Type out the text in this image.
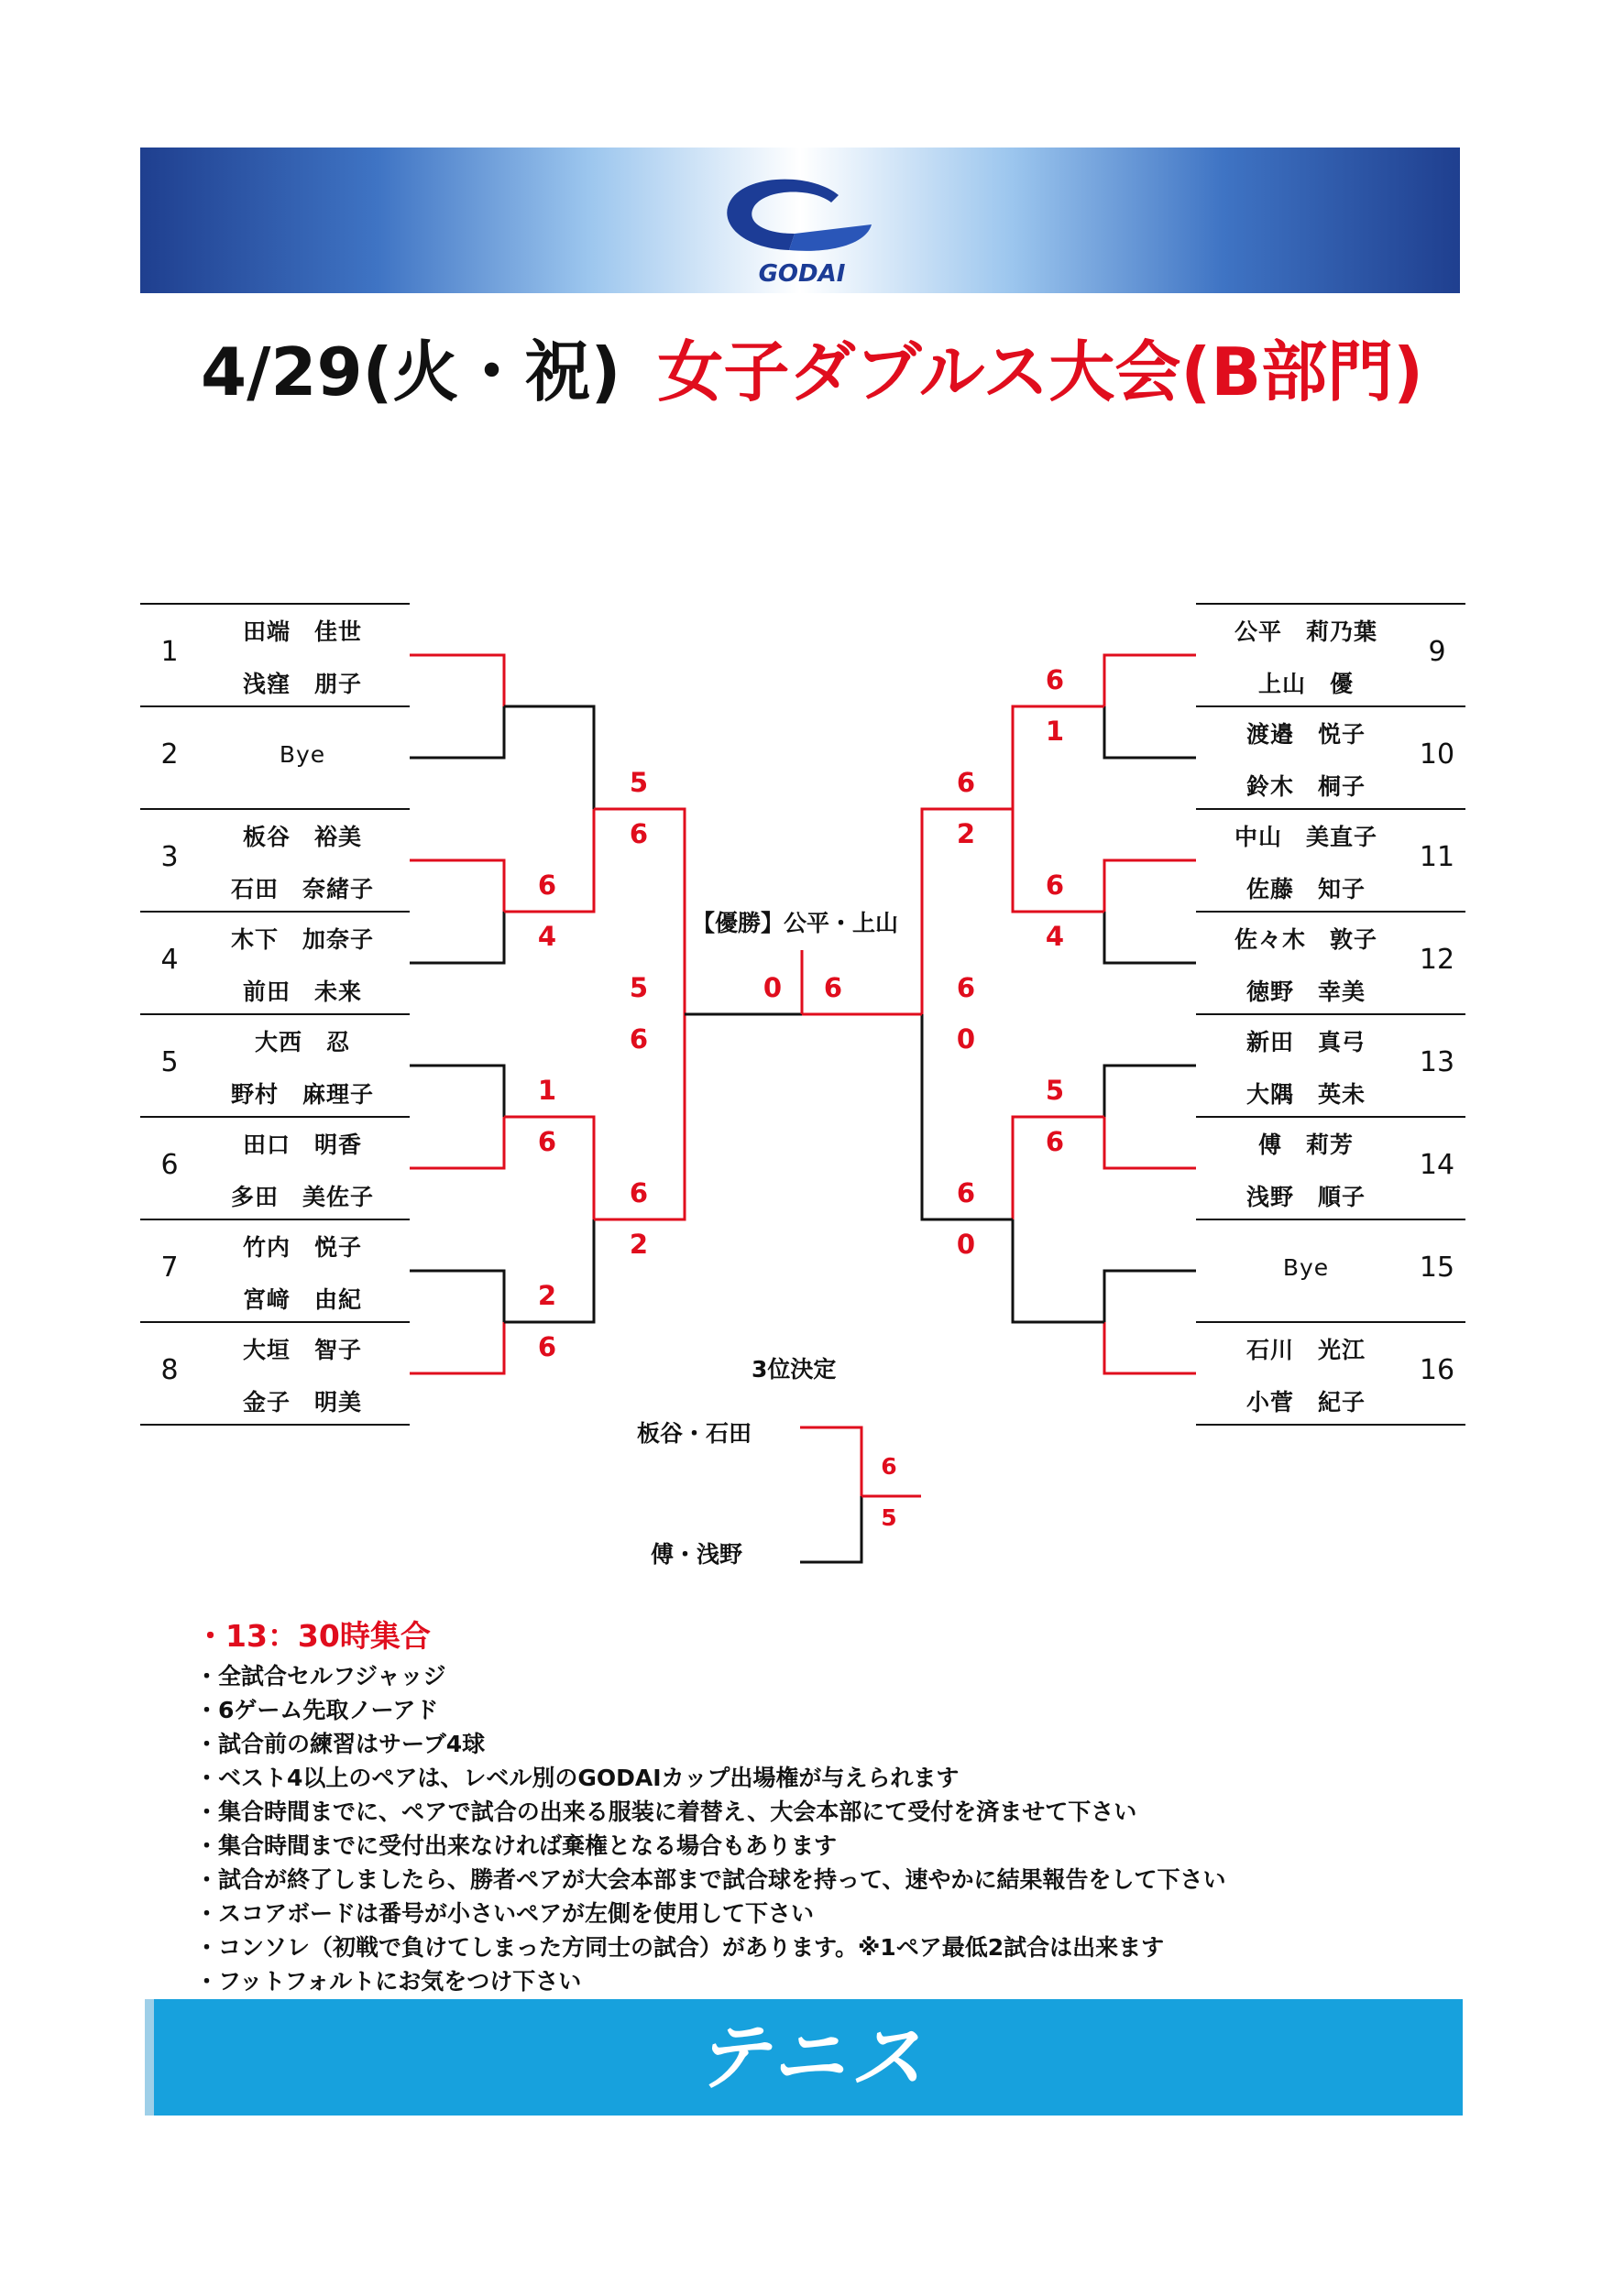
GODAI
4/29(火・祝) 女子ダブルス大会(B部門)
1
田端　佳世
浅窪　朋子
2	Bye
3
板谷　裕美
石田　奈緒子
4
木下　加奈子
前田　未来
5
大西　忍
野村　麻理子
6
田口　明香
多田　美佐子
7
竹内　悦子
宮﨑　由紀
8
大垣　智子
金子　明美
9
公平　莉乃葉
上山　優
10
渡邉　悦子
鈴木　桐子
11
中山　美直子
佐藤　知子
12
佐々木　敦子
徳野　幸美
13
新田　真弓
大隅　英未
14
傅　莉芳
浅野　順子
15
Bye
16
石川　光江
小菅　紀子
6
4
1
6
2
6
5
6
5
6
6
2
6
1
6
4
5
6
6
2
6
0
6
0
0	6
6
5
【優勝】公平・上山
3位決定
板谷・石田
傅・浅野
・13：30時集合
・全試合セルフジャッジ
・6ゲーム先取ノーアド
・試合前の練習はサーブ4球
・ベスト4以上のペアは、レベル別のGODAIカップ出場権が与えられます
・集合時間までに、ペアで試合の出来る服装に着替え、大会本部にて受付を済ませて下さい
・集合時間までに受付出来なければ棄権となる場合もあります
・試合が終了しましたら、勝者ペアが大会本部まで試合球を持って、速やかに結果報告をして下さい
・スコアボードは番号が小さいペアが左側を使用して下さい
・コンソレ（初戦で負けてしまった方同士の試合）があります。※1ペア最低2試合は出来ます
・フットフォルトにお気をつけ下さい
テニス
